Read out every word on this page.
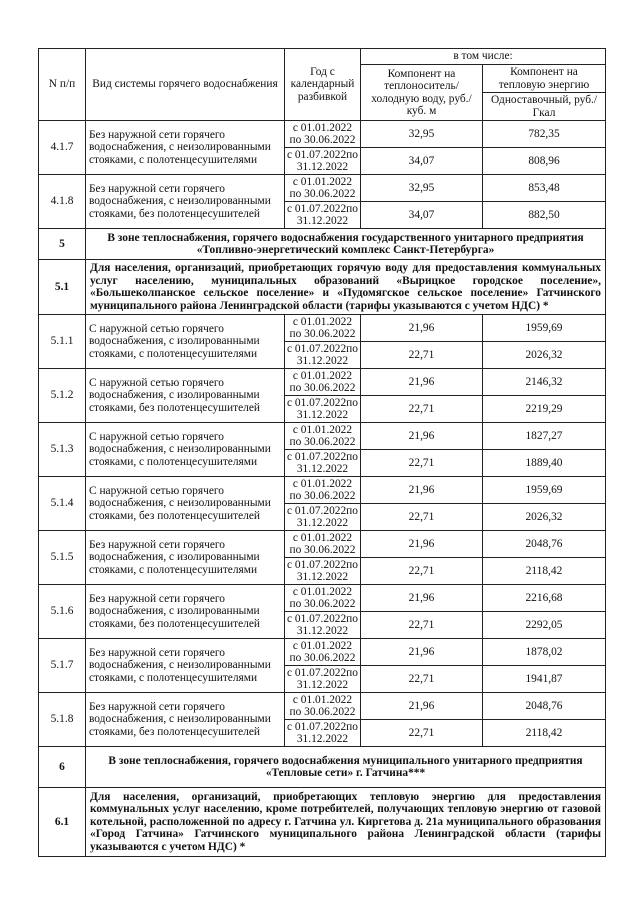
N п/п	Вид системы горячего водоснабжения	Год с календарный разбивкой	в том числе:	
			Компонент на теплоноситель/ холодную воду, руб./куб. м	Компонент на тепловую энергию
				Одноставочный, руб./Гкал
4.1.7	Без наружной сети горячего водоснабжения, с неизолированными стояками, с полотенцесушителями	с 01.01.2022 по 30.06.2022	32,95	782,35
		с 01.07.2022по 31.12.2022	34,07	808,96
4.1.8	Без наружной сети горячего водоснабжения, с неизолированными стояками, без полотенцесушителей	с 01.01.2022 по 30.06.2022	32,95	853,48
		с 01.07.2022по 31.12.2022	34,07	882,50
5	В зоне теплоснабжения, горячего водоснабжения государственного унитарного предприятия «Топливно-энергетический комплекс Санкт-Петербурга»			
5.1	Для населения, организаций, приобретающих горячую воду для предоставления коммунальных услуг населению, муниципальных образований «Вырицкое городское поселение», «Большеколпанское сельское поселение» и «Пудомягское сельское поселение» Гатчинского муниципального района Ленинградской области (тарифы указываются с учетом НДС) *			
5.1.1	С наружной сетью горячего водоснабжения, с изолированными стояками, с полотенцесушителями	с 01.01.2022 по 30.06.2022	21,96	1959,69
		с 01.07.2022по 31.12.2022	22,71	2026,32
5.1.2	С наружной сетью горячего водоснабжения, с изолированными стояками, без полотенцесушителей	с 01.01.2022 по 30.06.2022	21,96	2146,32
		с 01.07.2022по 31.12.2022	22,71	2219,29
5.1.3	С наружной сетью горячего водоснабжения, с неизолированными стояками, с полотенцесушителями	с 01.01.2022 по 30.06.2022	21,96	1827,27
		с 01.07.2022по 31.12.2022	22,71	1889,40
5.1.4	С наружной сетью горячего водоснабжения, с неизолированными стояками, без полотенцесушителей	с 01.01.2022 по 30.06.2022	21,96	1959,69
		с 01.07.2022по 31.12.2022	22,71	2026,32
5.1.5	Без наружной сети горячего водоснабжения, с изолированными стояками, с полотенцесушителями	с 01.01.2022 по 30.06.2022	21,96	2048,76
		с 01.07.2022по 31.12.2022	22,71	2118,42
5.1.6	Без наружной сети горячего водоснабжения, с изолированными стояками, без полотенцесушителей	с 01.01.2022 по 30.06.2022	21,96	2216,68
		с 01.07.2022по 31.12.2022	22,71	2292,05
5.1.7	Без наружной сети горячего водоснабжения, с неизолированными стояками, с полотенцесушителями	с 01.01.2022 по 30.06.2022	21,96	1878,02
		с 01.07.2022по 31.12.2022	22,71	1941,87
5.1.8	Без наружной сети горячего водоснабжения, с неизолированными стояками, без полотенцесушителей	с 01.01.2022 по 30.06.2022	21,96	2048,76
		с 01.07.2022по 31.12.2022	22,71	2118,42
6	В зоне теплоснабжения, горячего водоснабжения муниципального унитарного предприятия «Тепловые сети» г. Гатчина***			
6.1	Для населения, организаций, приобретающих тепловую энергию для предоставления коммунальных услуг населению, кроме потребителей, получающих тепловую энергию от газовой котельной, расположенной по адресу г. Гатчина ул. Киргетова д. 21а муниципального образования «Город Гатчина» Гатчинского муниципального района Ленинградской области (тарифы указываются с учетом НДС) *			
